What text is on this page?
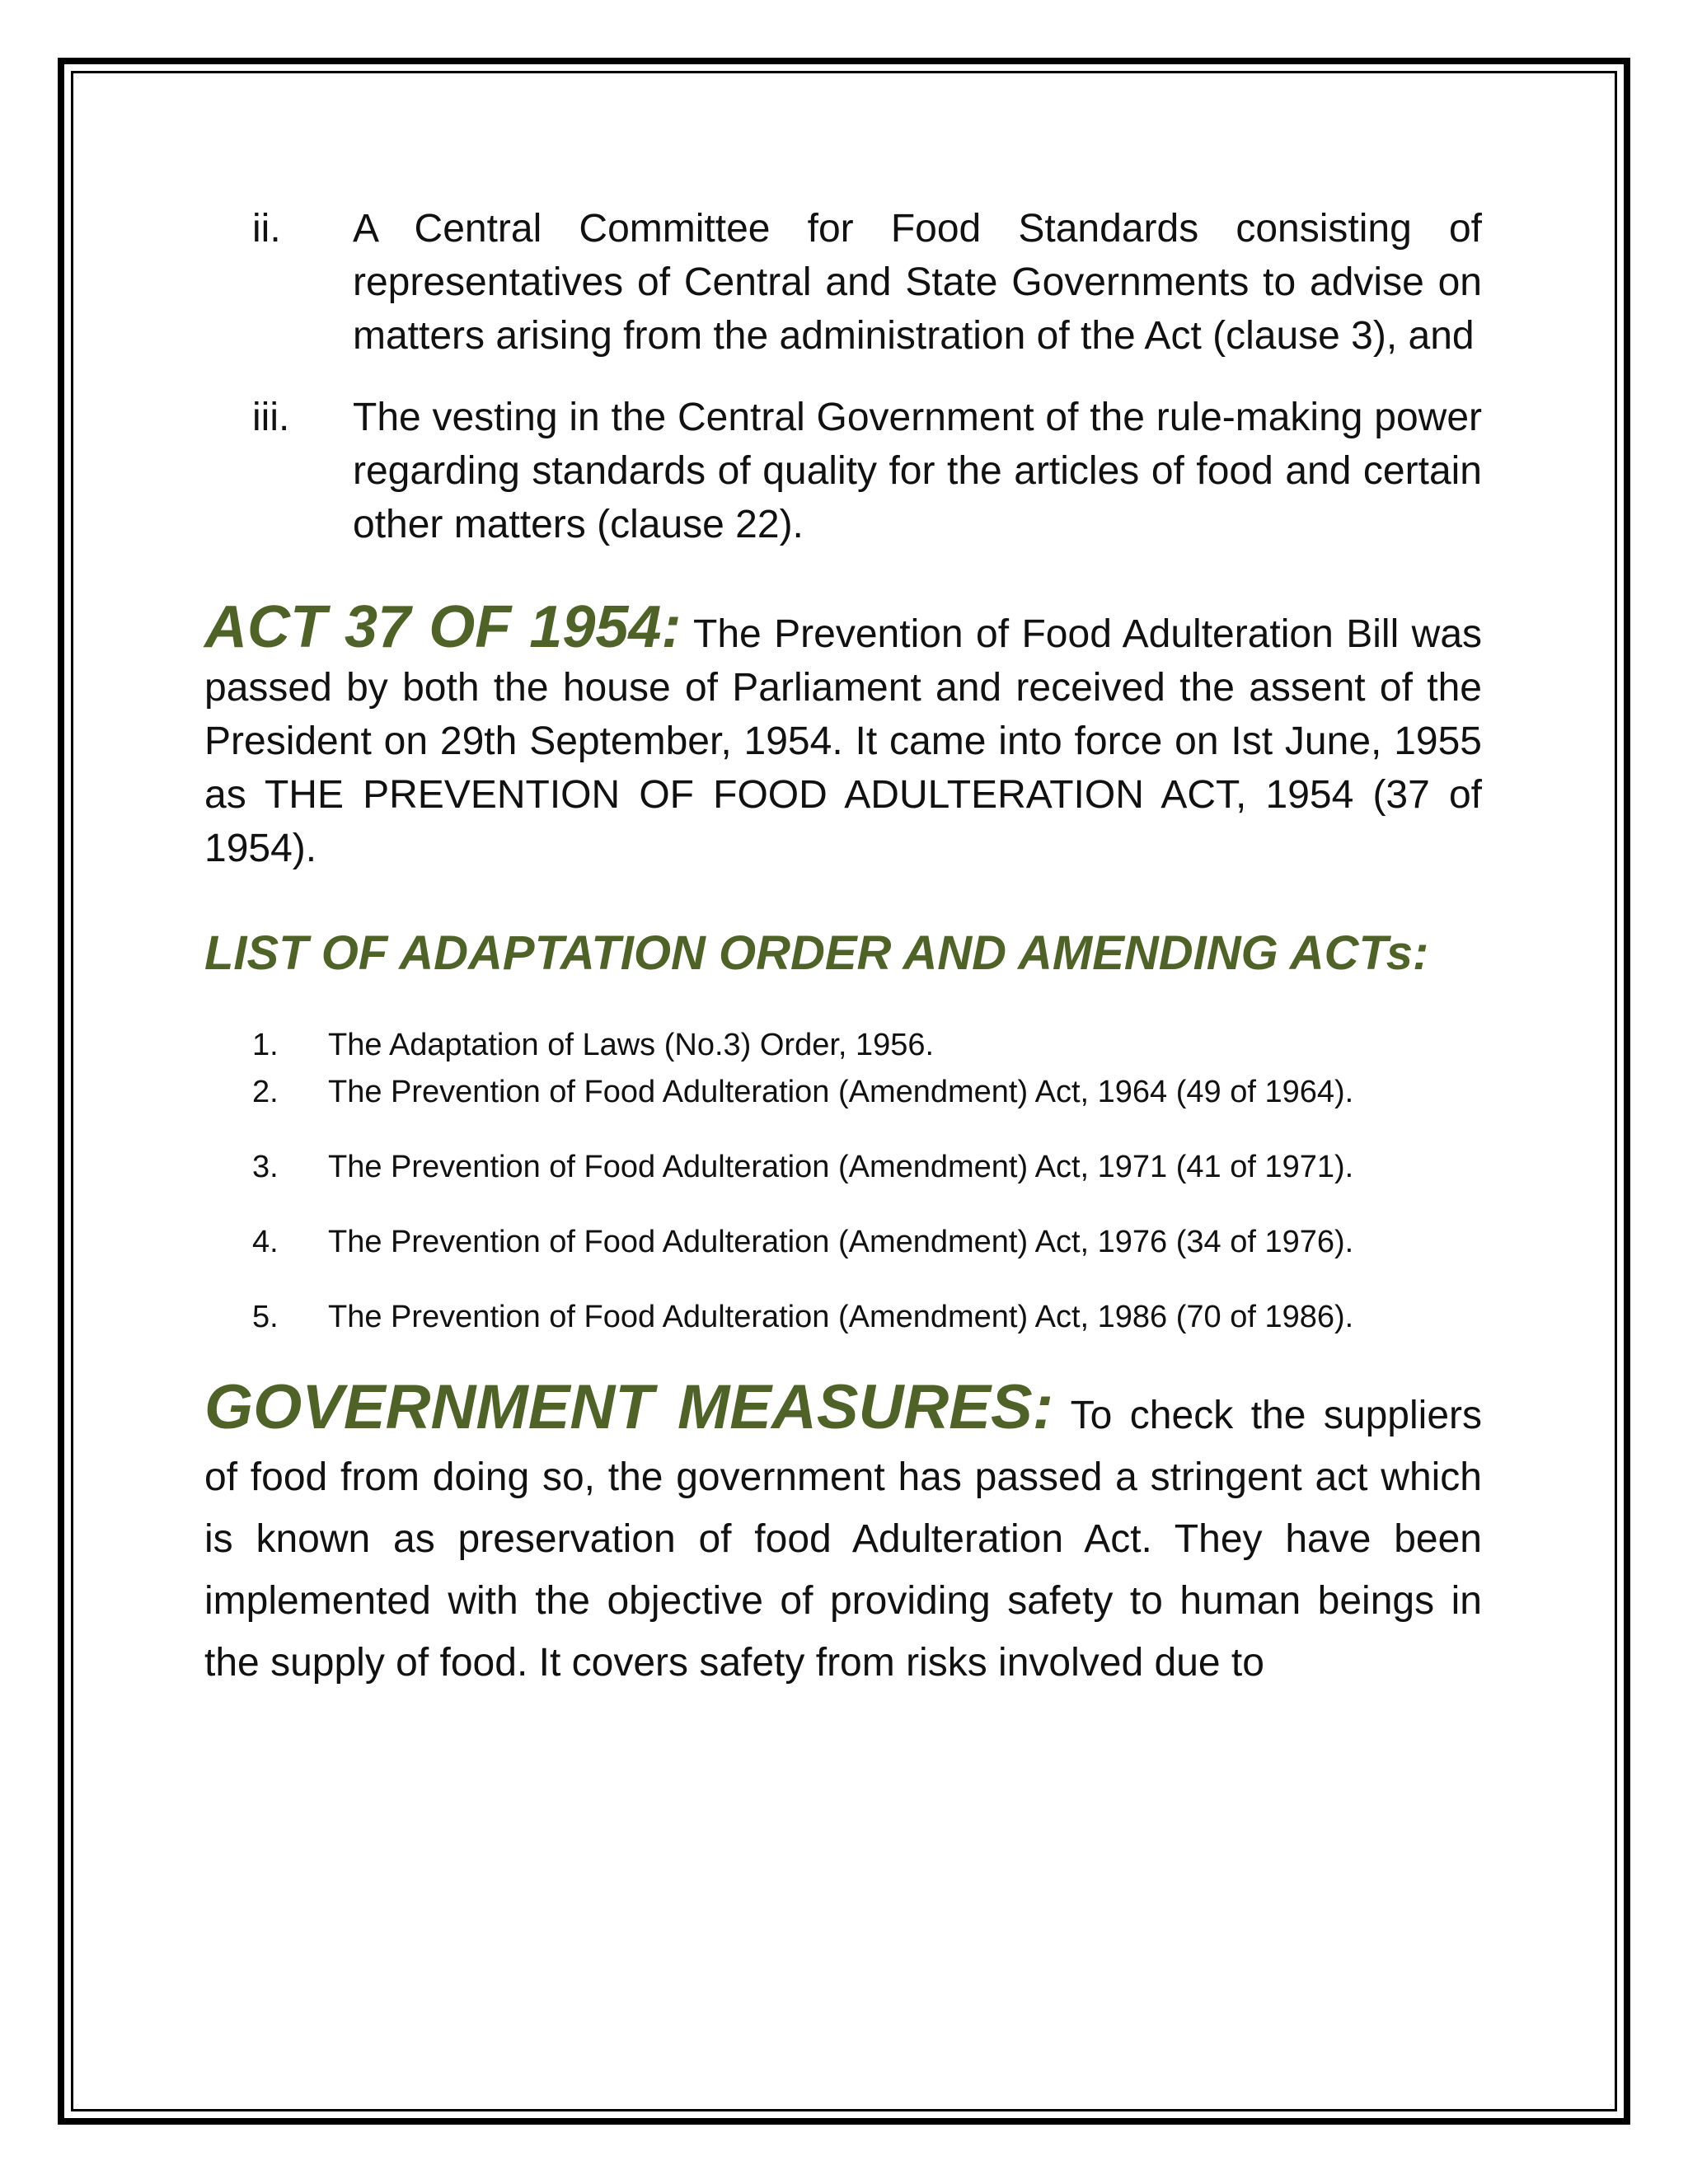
ii.	A Central Committee for Food Standards consisting of representatives of Central and State Governments to advise on matters arising from the administration of the Act (clause 3), and
iii.	The vesting in the Central Government of the rule-making power regarding standards of quality for the articles of food and certain other matters (clause 22).

ACT 37 OF 1954: The Prevention of Food Adulteration Bill was passed by both the house of Parliament and received the assent of the President on 29th September, 1954. It came into force on Ist June, 1955 as THE PREVENTION OF FOOD ADULTERATION ACT, 1954 (37 of 1954).

LIST OF ADAPTATION ORDER AND AMENDING ACTs:
1.	The Adaptation of Laws (No.3) Order, 1956.
2.	The Prevention of Food Adulteration (Amendment) Act, 1964 (49 of 1964).
3.	The Prevention of Food Adulteration (Amendment) Act, 1971 (41 of 1971).
4.	The Prevention of Food Adulteration (Amendment) Act, 1976 (34 of 1976).
5.	The Prevention of Food Adulteration (Amendment) Act, 1986 (70 of 1986).

GOVERNMENT MEASURES: To check the suppliers of food from doing so, the government has passed a stringent act which is known as preservation of food Adulteration Act. They have been implemented with the objective of providing safety to human beings in the supply of food. It covers safety from risks involved due to
